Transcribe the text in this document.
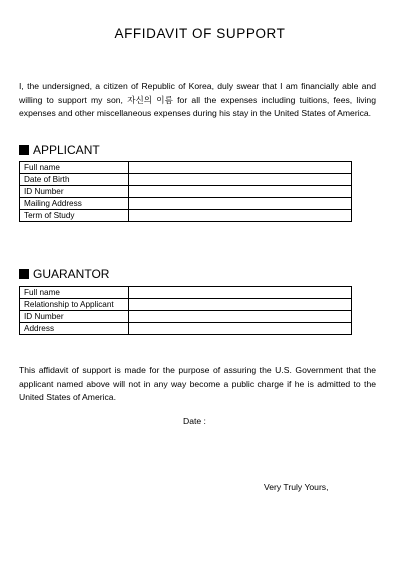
AFFIDAVIT OF SUPPORT
I, the undersigned, a citizen of Republic of Korea, duly swear that I am financially able and willing to support my son, 자신의 이름 for all the expenses including tuitions, fees, living expenses and other miscellaneous expenses during his stay in the United States of America.
APPLICANT
Full name	
Date of Birth	
ID Number	
Mailing Address	
Term of Study	
GUARANTOR
Full name	
Relationship to Applicant	
ID Number	
Address	
This affidavit of support is made for the purpose of assuring the U.S. Government that the applicant named above will not in any way become a public charge if he is admitted to the United States of America.
Date :
Very Truly Yours,
